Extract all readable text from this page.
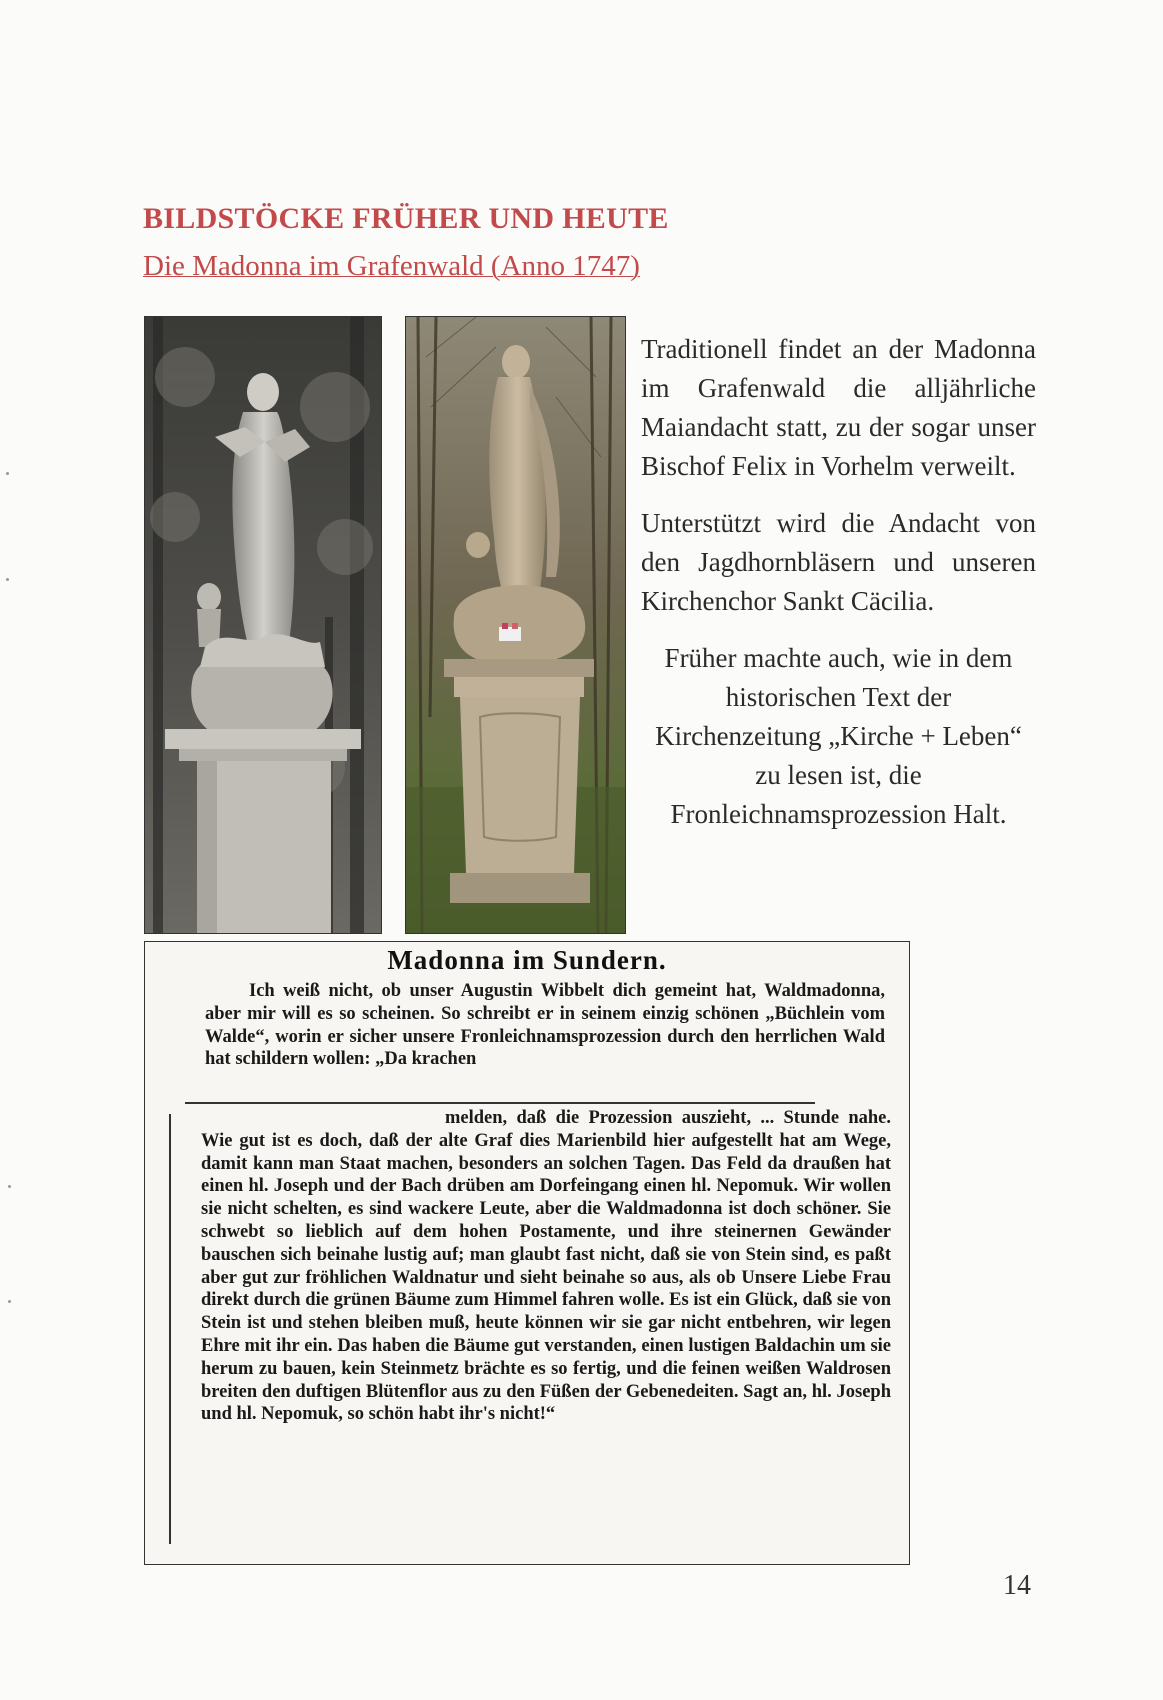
BILDSTÖCKE FRÜHER UND HEUTE
Die Madonna im Grafenwald (Anno 1747)

Traditionell findet an der Madonna im Grafenwald die alljährliche Maiandacht statt, zu der sogar unser Bischof Felix in Vorhelm verweilt.

Unterstützt wird die Andacht von den Jagdhornbläsern und unseren Kirchenchor Sankt Cäcilia.

Früher machte auch, wie in dem historischen Text der Kirchenzeitung „Kirche + Leben“ zu lesen ist, die Fronleichnamsprozession Halt.

Madonna im Sundern.

Ich weiß nicht, ob unser Augustin Wibbelt dich gemeint hat, Waldmadonna, aber mir will es so scheinen. So schreibt er in seinem einzig schönen „Büchlein vom Walde“, worin er sicher unsere Fronleichnamsprozession durch den herrlichen Wald hat schildern wollen: „Da krachen

melden, daß die Prozession auszieht, ... Stunde nahe. Wie gut ist es doch, daß der alte Graf dies Marienbild hier aufgestellt hat am Wege, damit kann man Staat machen, besonders an solchen Tagen. Das Feld da draußen hat einen hl. Joseph und der Bach drüben am Dorfeingang einen hl. Nepomuk. Wir wollen sie nicht schelten, es sind wackere Leute, aber die Waldmadonna ist doch schöner. Sie schwebt so lieblich auf dem hohen Postamente, und ihre steinernen Gewänder bauschen sich beinahe lustig auf; man glaubt fast nicht, daß sie von Stein sind, es paßt aber gut zur fröhlichen Waldnatur und sieht beinahe so aus, als ob Unsere Liebe Frau direkt durch die grünen Bäume zum Himmel fahren wolle. Es ist ein Glück, daß sie von Stein ist und stehen bleiben muß, heute können wir sie gar nicht entbehren, wir legen Ehre mit ihr ein. Das haben die Bäume gut verstanden, einen lustigen Baldachin um sie herum zu bauen, kein Steinmetz brächte es so fertig, und die feinen weißen Waldrosen breiten den duftigen Blütenflor aus zu den Füßen der Gebenedeiten. Sagt an, hl. Joseph und hl. Nepomuk, so schön habt ihr's nicht!“

14
